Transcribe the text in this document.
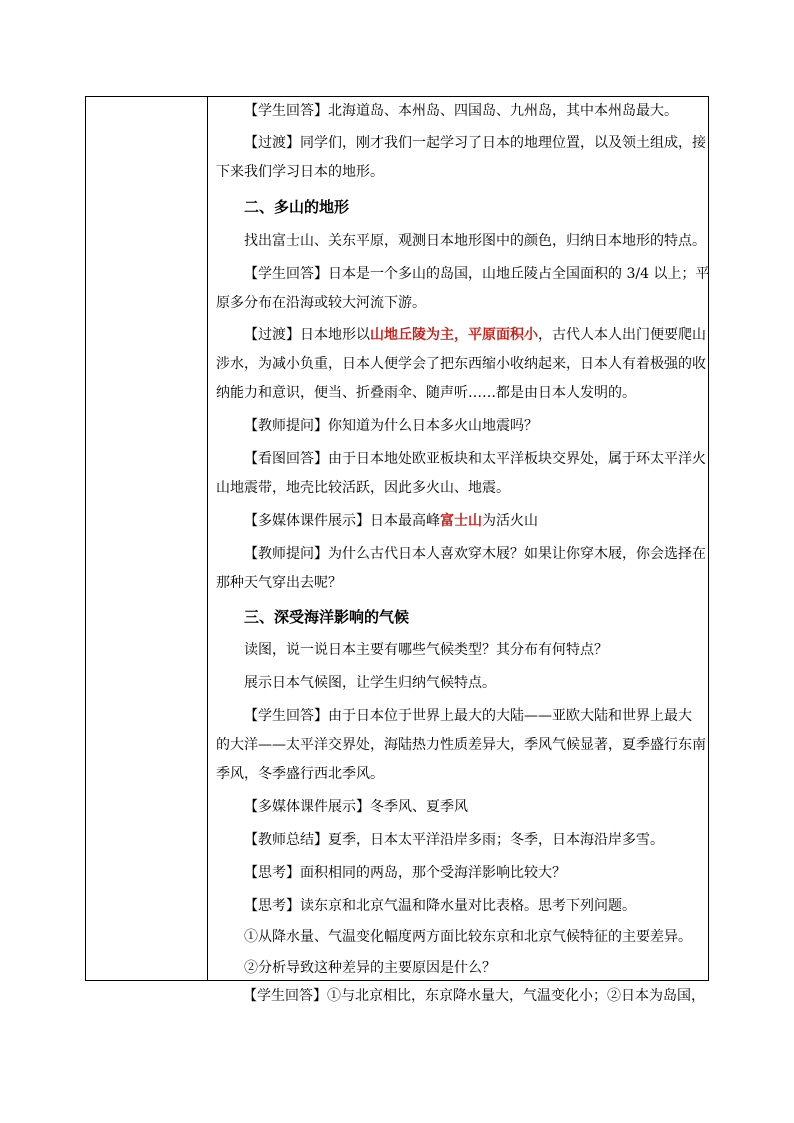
【学生回答】北海道岛、本州岛、四国岛、九州岛，其中本州岛最大。
【过渡】同学们，刚才我们一起学习了日本的地理位置，以及领土组成，接
下来我们学习日本的地形。
二、多山的地形
找出富士山、关东平原，观测日本地形图中的颜色，归纳日本地形的特点。
【学生回答】日本是一个多山的岛国，山地丘陵占全国面积的 3/4 以上；平
原多分布在沿海或较大河流下游。
【过渡】日本地形以山地丘陵为主，平原面积小，古代人本人出门便要爬山
涉水，为减小负重，日本人便学会了把东西缩小收纳起来，日本人有着极强的收
纳能力和意识，便当、折叠雨伞、随声听……都是由日本人发明的。
【教师提问】你知道为什么日本多火山地震吗？
【看图回答】由于日本地处欧亚板块和太平洋板块交界处，属于环太平洋火
山地震带，地壳比较活跃，因此多火山、地震。
【多媒体课件展示】日本最高峰富士山为活火山
【教师提问】为什么古代日本人喜欢穿木屐？如果让你穿木屐，你会选择在
那种天气穿出去呢？
三、深受海洋影响的气候
读图，说一说日本主要有哪些气候类型？其分布有何特点？
展示日本气候图，让学生归纳气候特点。
【学生回答】由于日本位于世界上最大的大陆——亚欧大陆和世界上最大
的大洋——太平洋交界处，海陆热力性质差异大，季风气候显著，夏季盛行东南
季风，冬季盛行西北季风。
【多媒体课件展示】冬季风、夏季风
【教师总结】夏季，日本太平洋沿岸多雨；冬季，日本海沿岸多雪。
【思考】面积相同的两岛，那个受海洋影响比较大？
【思考】读东京和北京气温和降水量对比表格。思考下列问题。
①从降水量、气温变化幅度两方面比较东京和北京气候特征的主要差异。
②分析导致这种差异的主要原因是什么？
【学生回答】①与北京相比，东京降水量大，气温变化小；②日本为岛国，
